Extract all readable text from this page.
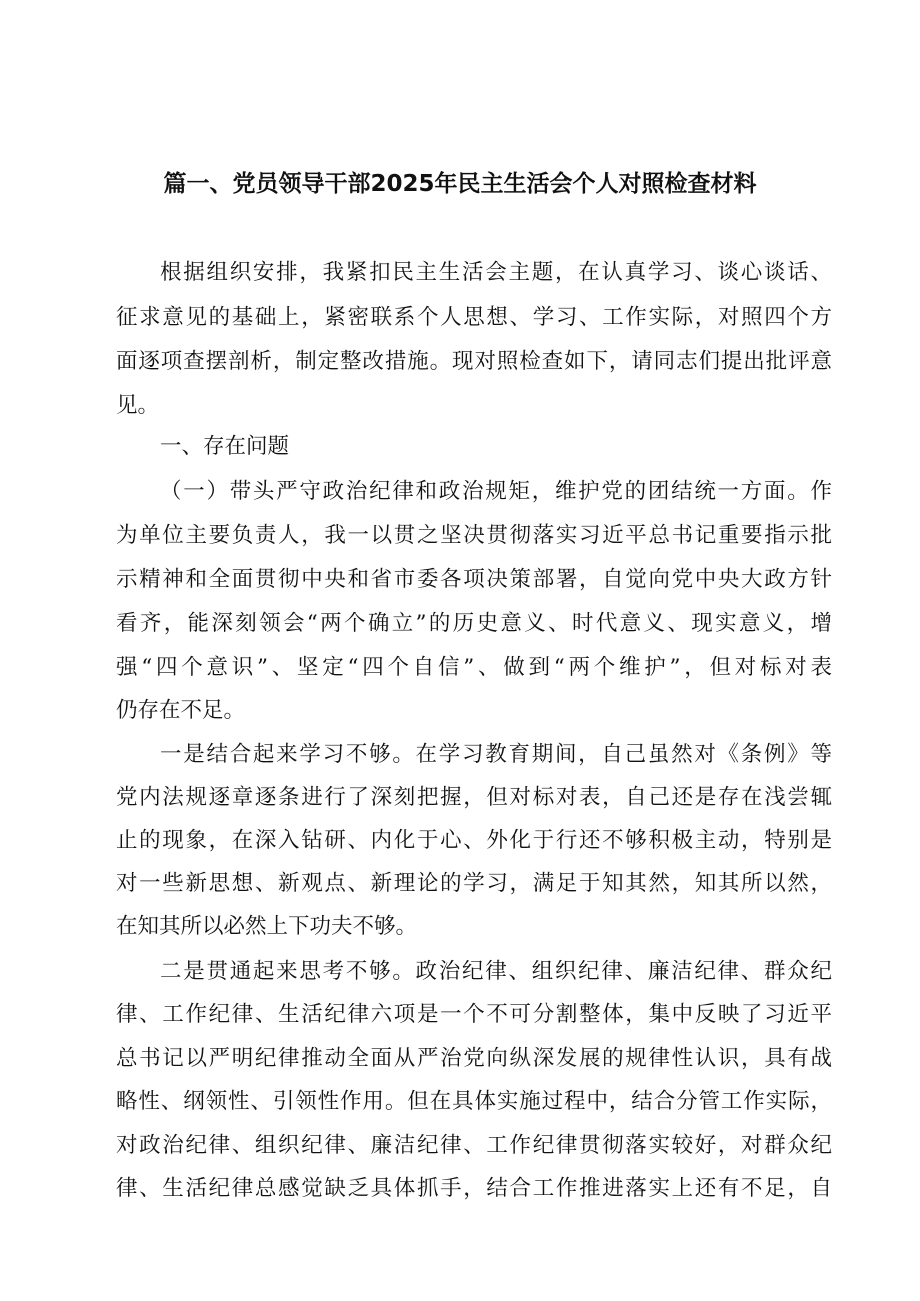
篇一、党员领导干部2025年民主生活会个人对照检查材料
根据组织安排，我紧扣民主生活会主题，在认真学习、谈心谈话、
征求意见的基础上，紧密联系个人思想、学习、工作实际，对照四个方
面逐项查摆剖析，制定整改措施。现对照检查如下，请同志们提出批评意
见。
一、存在问题
（一）带头严守政治纪律和政治规矩，维护党的团结统一方面。作
为单位主要负责人，我一以贯之坚决贯彻落实习近平总书记重要指示批
示精神和全面贯彻中央和省市委各项决策部署，自觉向党中央大政方针
看齐，能深刻领会“两个确立”的历史意义、时代意义、现实意义，增
强“四个意识”、坚定“四个自信”、做到“两个维护”，但对标对表
仍存在不足。
一是结合起来学习不够。在学习教育期间，自己虽然对《条例》等
党内法规逐章逐条进行了深刻把握，但对标对表，自己还是存在浅尝辄
止的现象，在深入钻研、内化于心、外化于行还不够积极主动，特别是
对一些新思想、新观点、新理论的学习，满足于知其然，知其所以然，
在知其所以必然上下功夫不够。
二是贯通起来思考不够。政治纪律、组织纪律、廉洁纪律、群众纪
律、工作纪律、生活纪律六项是一个不可分割整体，集中反映了习近平
总书记以严明纪律推动全面从严治党向纵深发展的规律性认识，具有战
略性、纲领性、引领性作用。但在具体实施过程中，结合分管工作实际，
对政治纪律、组织纪律、廉洁纪律、工作纪律贯彻落实较好，对群众纪
律、生活纪律总感觉缺乏具体抓手，结合工作推进落实上还有不足，自
